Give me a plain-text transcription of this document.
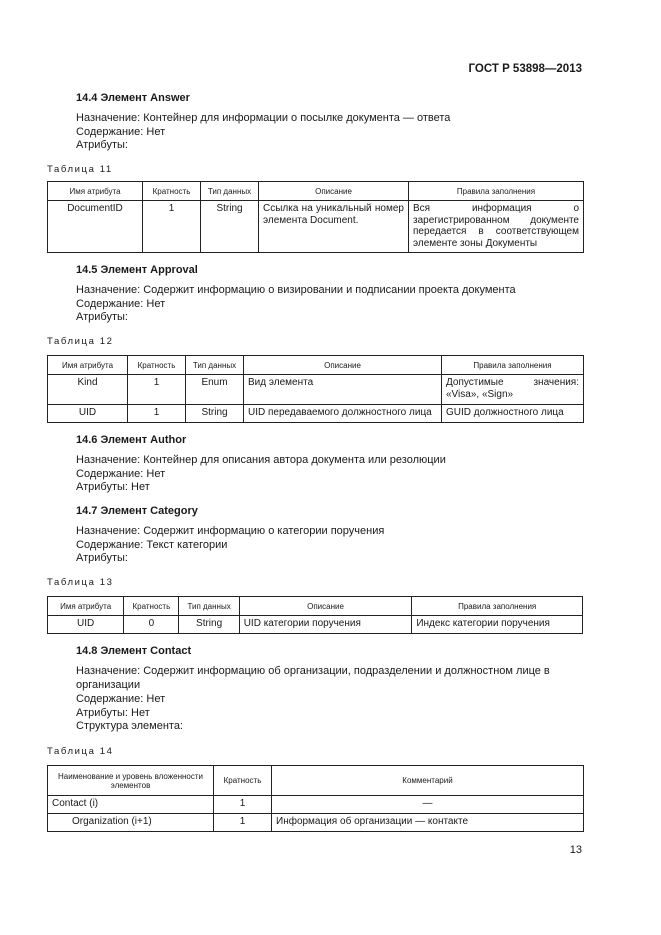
ГОСТ Р 53898—2013
14.4 Элемент Answer
Назначение: Контейнер для информации о посылке документа — ответа
Содержание: Нет
Атрибуты:
Таблица 11
Имя атрибута	Кратность	Тип данных	Описание	Правила заполнения
DocumentID	1	String	Ссылка на уникальный номер элемента Document.	Вся информация о зарегистрированном документе передается в соответствующем элементе зоны Документы
14.5 Элемент Approval
Назначение: Содержит информацию о визировании и подписании проекта документа
Содержание: Нет
Атрибуты:
Таблица 12
Имя атрибута	Кратность	Тип данных	Описание	Правила заполнения
Kind	1	Enum	Вид элемента	Допустимые значения: «Visa», «Sign»
UID	1	String	UID передаваемого должностного лица	GUID должностного лица
14.6 Элемент Author
Назначение: Контейнер для описания автора документа или резолюции
Содержание: Нет
Атрибуты: Нет
14.7 Элемент Category
Назначение: Содержит информацию о категории поручения
Содержание: Текст категории
Атрибуты:
Таблица 13
Имя атрибута	Кратность	Тип данных	Описание	Правила заполнения
UID	0	String	UID категории поручения	Индекс категории поручения
14.8 Элемент Contact
Назначение: Содержит информацию об организации, подразделении и должностном лице в организации
Содержание: Нет
Атрибуты: Нет
Структура элемента:
Таблица 14
Наименование и уровень вложенности элементов	Кратность	Комментарий
Contact (i)	1	—
Organization (i+1)	1	Информация об организации — контакте
13
